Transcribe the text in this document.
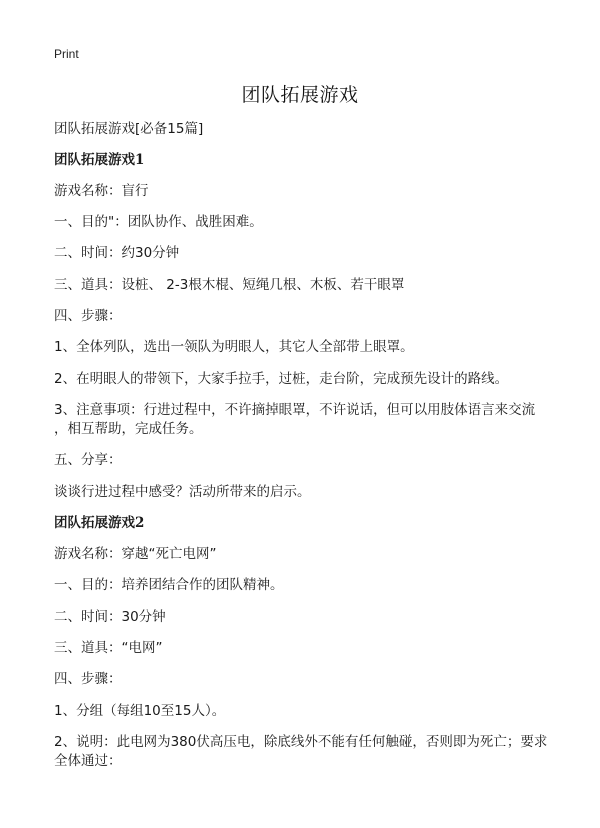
Print
团队拓展游戏
团队拓展游戏[必备15篇]
团队拓展游戏1
游戏名称：盲行
一、目的"：团队协作、战胜困难。
二、时间：约30分钟
三、道具：设桩、 2-3根木棍、短绳几根、木板、若干眼罩
四、步骤：
1、全体列队，选出一领队为明眼人，其它人全部带上眼罩。
2、在明眼人的带领下，大家手拉手，过桩，走台阶，完成预先设计的路线。
3、注意事项：行进过程中，不许摘掉眼罩，不许说话，但可以用肢体语言来交流
，相互帮助，完成任务。
五、分享：
谈谈行进过程中感受？活动所带来的启示。
团队拓展游戏2
游戏名称：穿越“死亡电网”
一、目的：培养团结合作的团队精神。
二、时间：30分钟
三、道具：“电网”
四、步骤：
1、分组（每组10至15人）。
2、说明：此电网为380伏高压电，除底线外不能有任何触碰，否则即为死亡；要求
全体通过：
